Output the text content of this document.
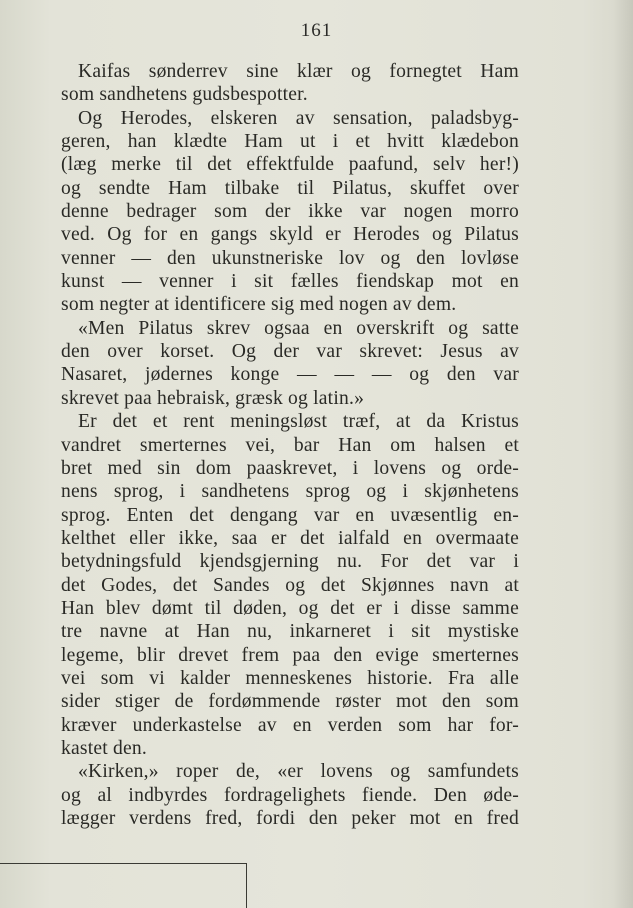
161
Kaifas sønderrev sine klær og fornegtet Ham
som sandhetens gudsbespotter.
Og Herodes, elskeren av sensation, paladsbyg-
geren, han klædte Ham ut i et hvitt klædebon
(læg merke til det effektfulde paafund, selv her!)
og sendte Ham tilbake til Pilatus, skuffet over
denne bedrager som der ikke var nogen morro
ved. Og for en gangs skyld er Herodes og Pilatus
venner — den ukunstneriske lov og den lovløse
kunst — venner i sit fælles fiendskap mot en
som negter at identificere sig med nogen av dem.
«Men Pilatus skrev ogsaa en overskrift og satte
den over korset. Og der var skrevet: Jesus av
Nasaret, jødernes konge — — — og den var
skrevet paa hebraisk, græsk og latin.»
Er det et rent meningsløst træf, at da Kristus
vandret smerternes vei, bar Han om halsen et
bret med sin dom paaskrevet, i lovens og orde-
nens sprog, i sandhetens sprog og i skjønhetens
sprog. Enten det dengang var en uvæsentlig en-
kelthet eller ikke, saa er det ialfald en overmaate
betydningsfuld kjendsgjerning nu. For det var i
det Godes, det Sandes og det Skjønnes navn at
Han blev dømt til døden, og det er i disse samme
tre navne at Han nu, inkarneret i sit mystiske
legeme, blir drevet frem paa den evige smerternes
vei som vi kalder menneskenes historie. Fra alle
sider stiger de fordømmende røster mot den som
kræver underkastelse av en verden som har for-
kastet den.
«Kirken,» roper de, «er lovens og samfundets
og al indbyrdes fordragelighets fiende. Den øde-
lægger verdens fred, fordi den peker mot en fred
